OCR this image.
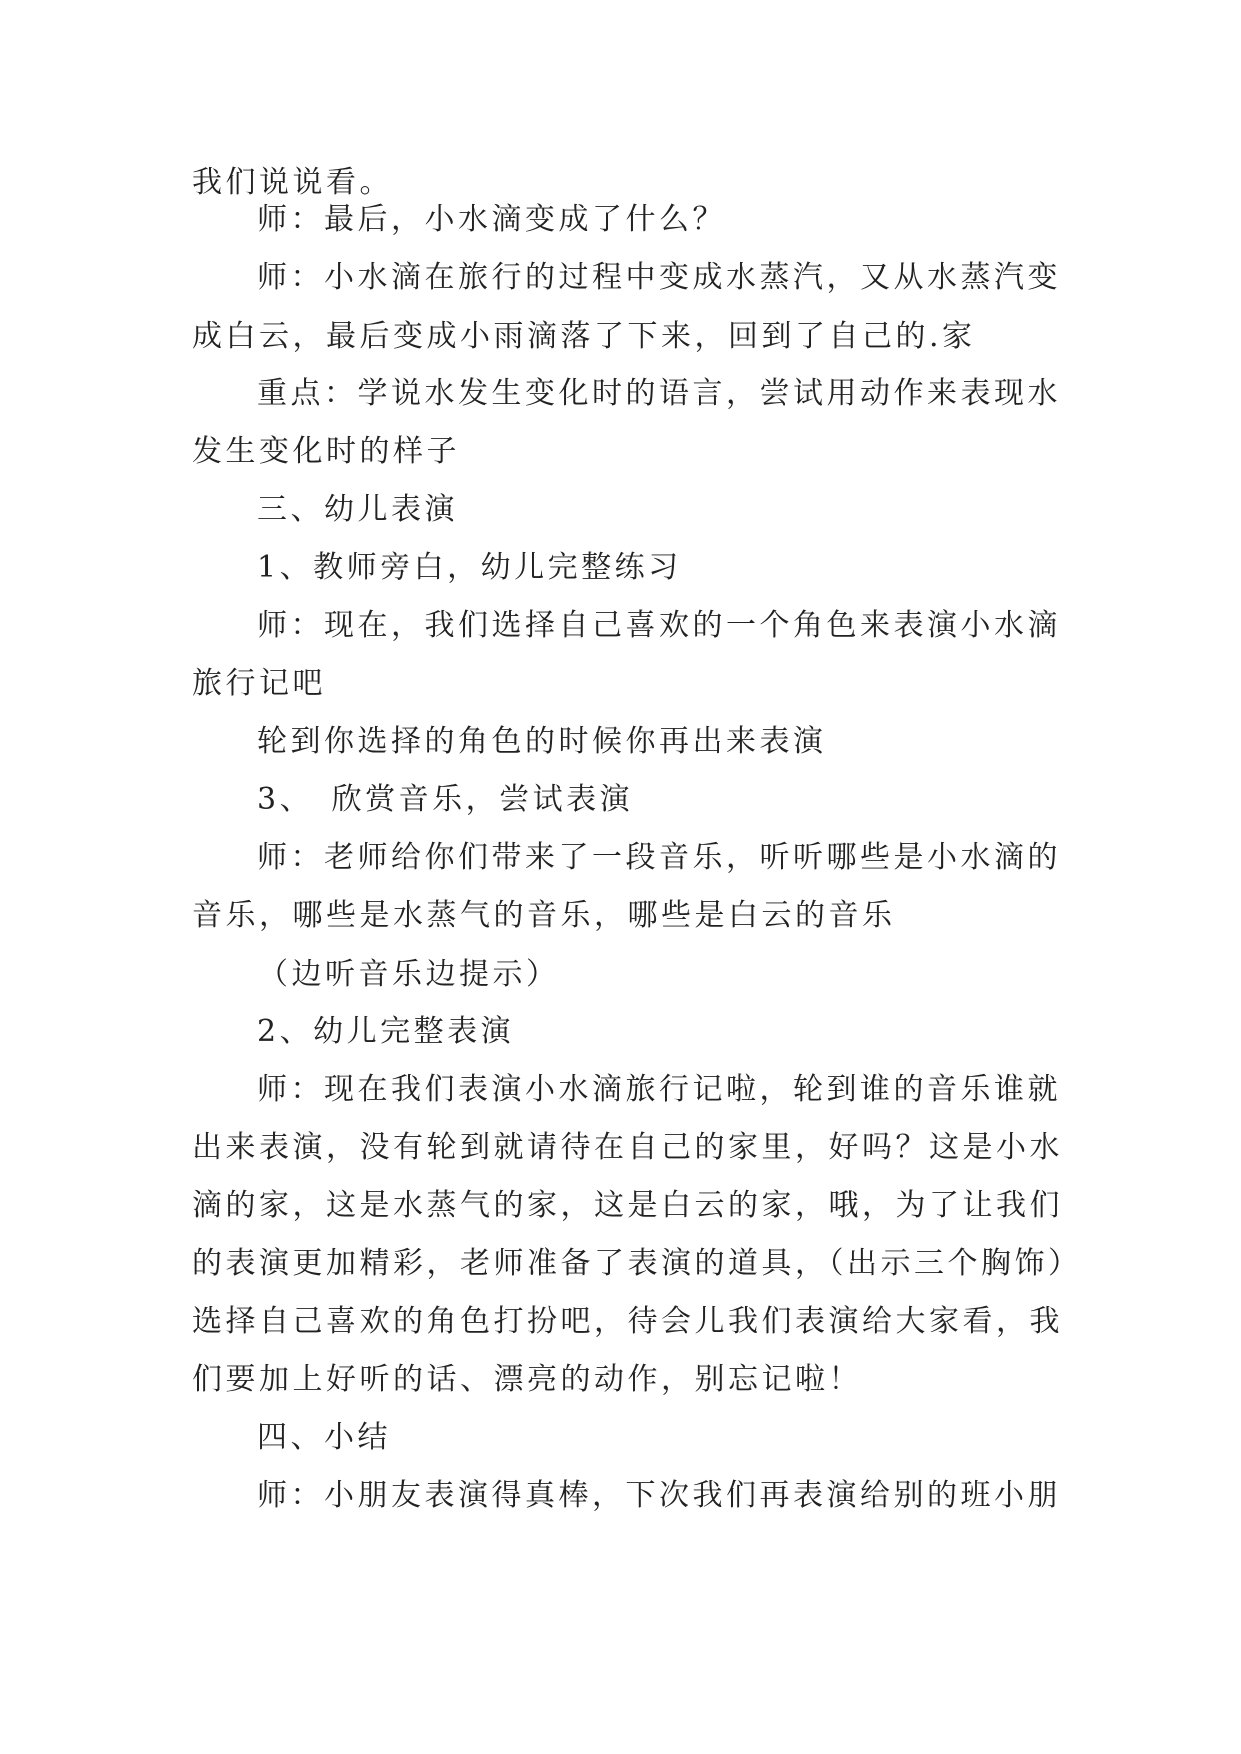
我们说说看。
师：最后，小水滴变成了什么？
师：小水滴在旅行的过程中变成水蒸汽，又从水蒸汽变
成白云，最后变成小雨滴落了下来，回到了自己的.家
重点：学说水发生变化时的语言，尝试用动作来表现水
发生变化时的样子
三、幼儿表演
1、教师旁白，幼儿完整练习
师：现在，我们选择自己喜欢的一个角色来表演小水滴
旅行记吧
轮到你选择的角色的时候你再出来表演
3、　欣赏音乐，尝试表演
师：老师给你们带来了一段音乐，听听哪些是小水滴的
音乐，哪些是水蒸气的音乐，哪些是白云的音乐
（边听音乐边提示）
2、幼儿完整表演
师：现在我们表演小水滴旅行记啦，轮到谁的音乐谁就
出来表演，没有轮到就请待在自己的家里，好吗？这是小水
滴的家，这是水蒸气的家，这是白云的家，哦，为了让我们
的表演更加精彩，老师准备了表演的道具，（出示三个胸饰）
选择自己喜欢的角色打扮吧，待会儿我们表演给大家看，我
们要加上好听的话、漂亮的动作，别忘记啦！
四、小结
师：小朋友表演得真棒，下次我们再表演给别的班小朋
